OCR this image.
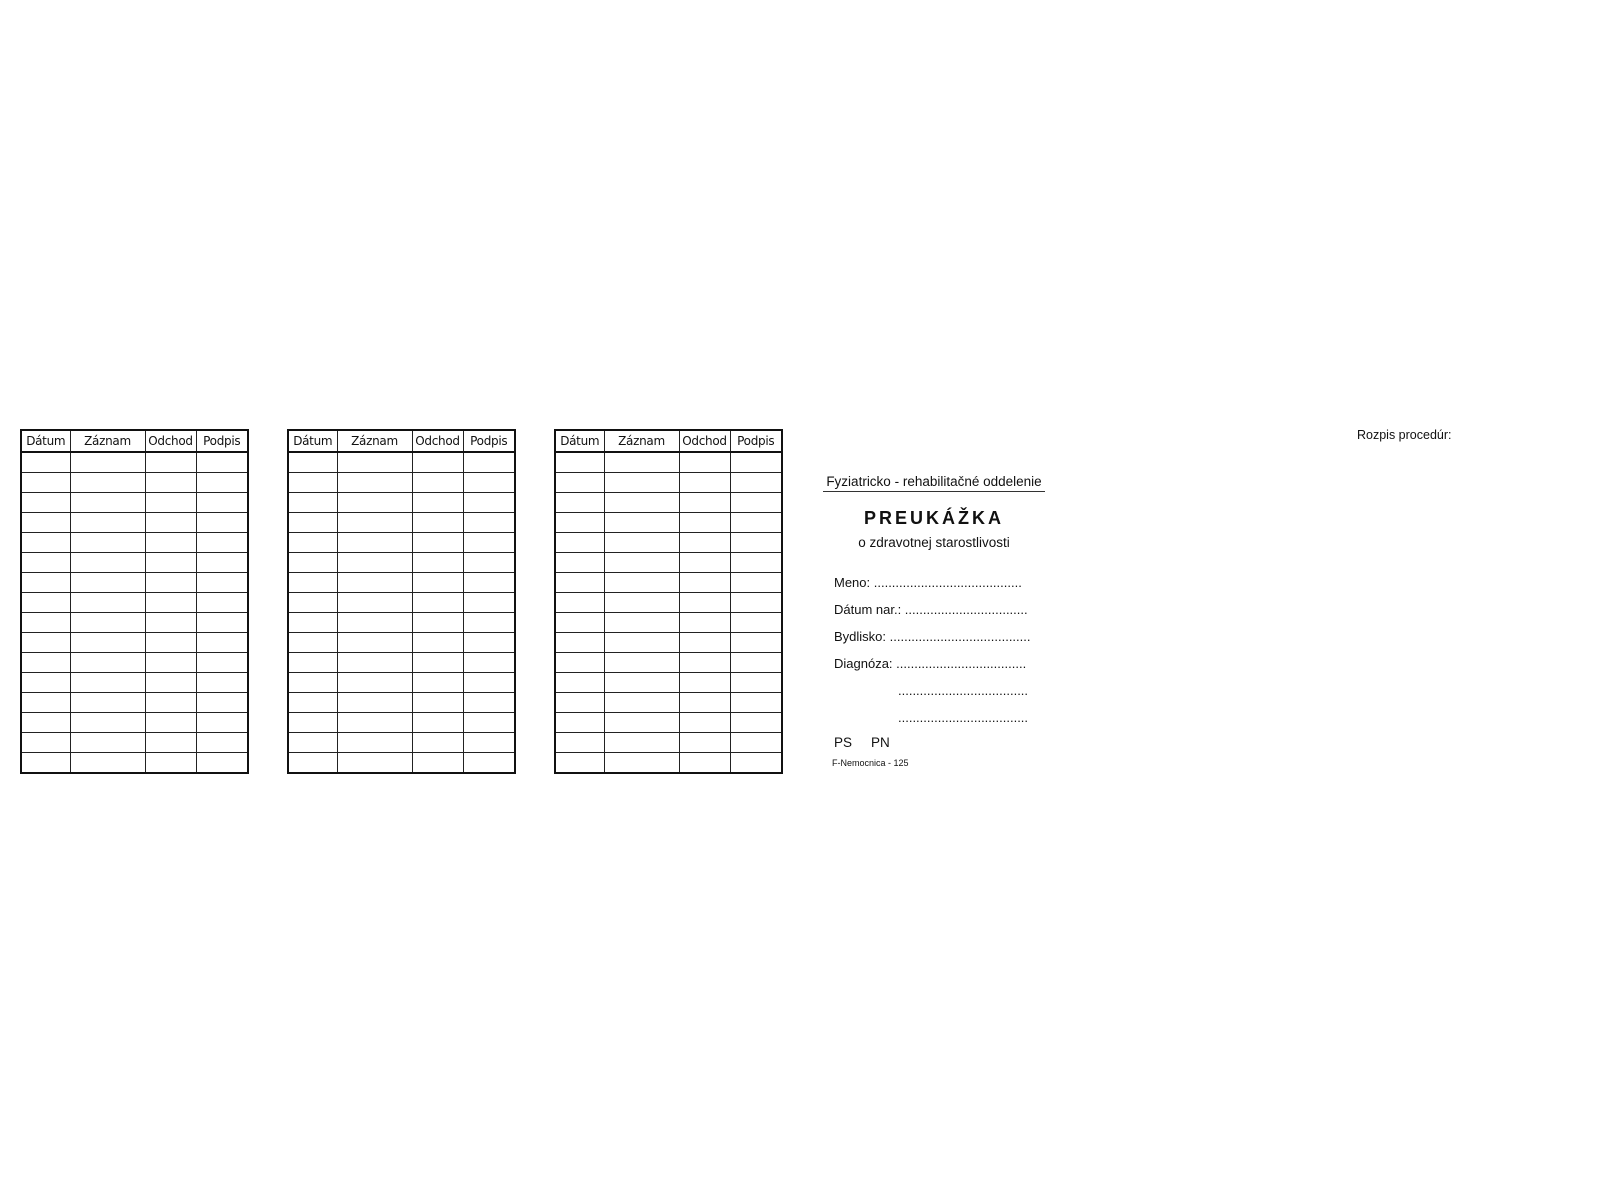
Dátum	Záznam	Odchod	Podpis

				Dátum	Záznam	Odchod	Podpis

				Dátum	Záznam	Odchod	Podpis

Fyziatricko - rehabilitačné oddelenie
PREUKÁŽKA
o zdravotnej starostlivosti
Meno: .........................................
Dátum nar.: ..................................
Bydlisko: .......................................
Diagnóza: ....................................
....................................
....................................
PS PN
F-Nemocnica - 125
Rozpis procedúr:
